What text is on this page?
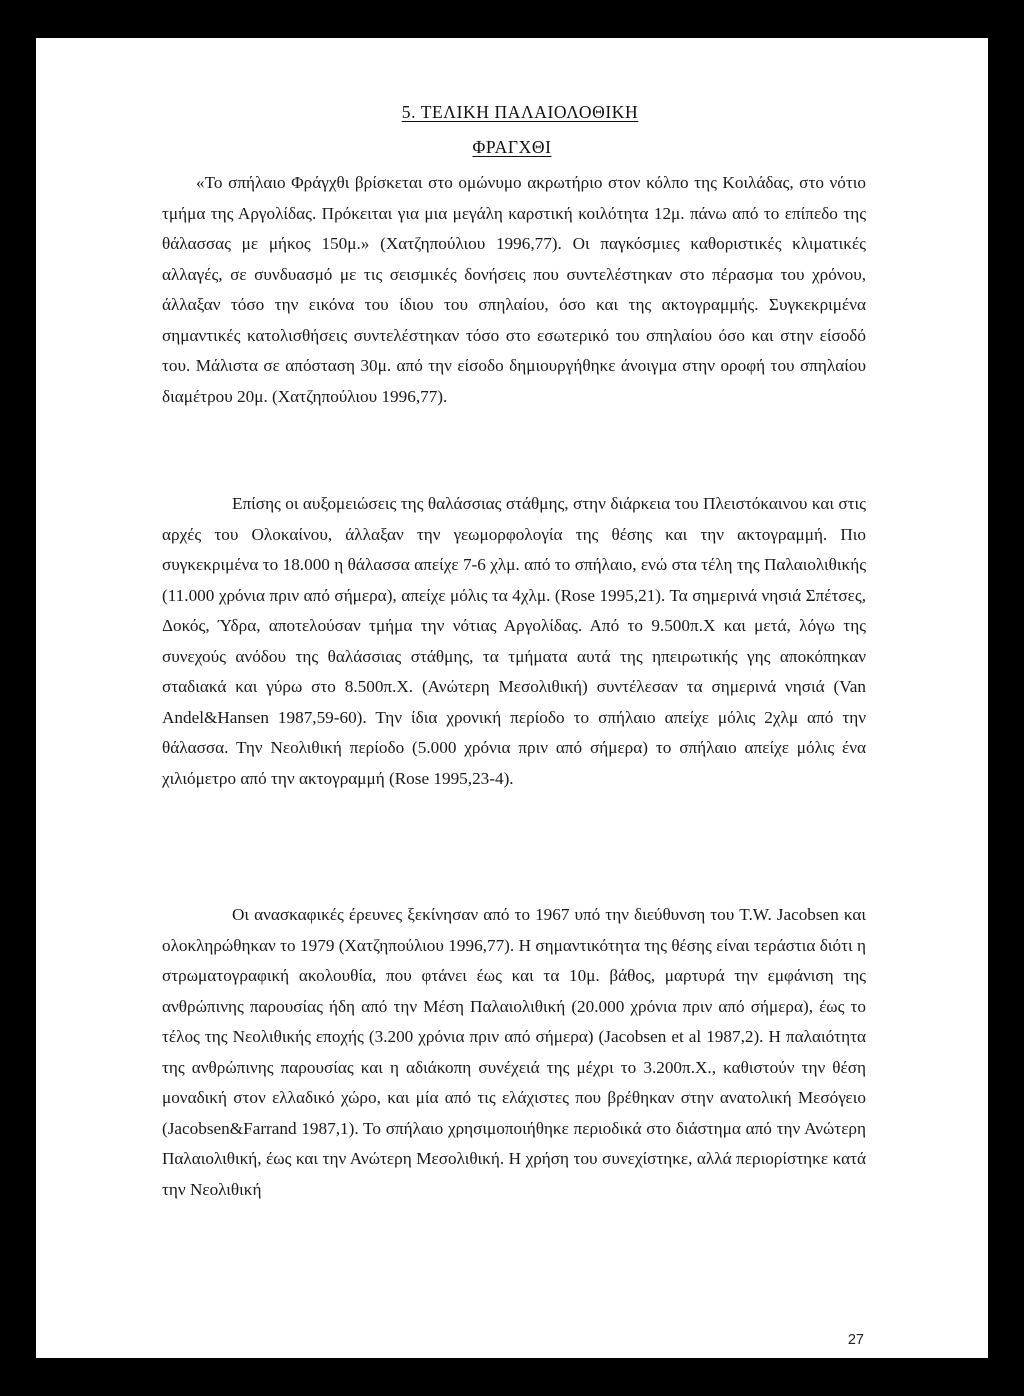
5. ΤΕΛΙΚΗ ΠΑΛΑΙΟΛΟΘΙΚΗ
ΦΡΑΓΧΘΙ

«Το σπήλαιο Φράγχθι βρίσκεται στο ομώνυμο ακρωτήριο στον κόλπο της Κοιλάδας, στο νότιο τμήμα της Αργολίδας. Πρόκειται για μια μεγάλη καρστική κοιλότητα 12μ. πάνω από το επίπεδο της θάλασσας με μήκος 150μ.» (Χατζηπούλιου 1996,77). Οι παγκόσμιες καθοριστικές κλιματικές αλλαγές, σε συνδυασμό με τις σεισμικές δονήσεις που συντελέστηκαν στο πέρασμα του χρόνου, άλλαξαν τόσο την εικόνα του ίδιου του σπηλαίου, όσο και της ακτογραμμής. Συγκεκριμένα σημαντικές κατολισθήσεις συντελέστηκαν τόσο στο εσωτερικό του σπηλαίου όσο και στην είσοδό του. Μάλιστα σε απόσταση 30μ. από την είσοδο δημιουργήθηκε άνοιγμα στην οροφή του σπηλαίου διαμέτρου 20μ. (Χατζηπούλιου 1996,77).

Επίσης οι αυξομειώσεις της θαλάσσιας στάθμης, στην διάρκεια του Πλειστόκαινου και στις αρχές του Ολοκαίνου, άλλαξαν την γεωμορφολογία της θέσης και την ακτογραμμή. Πιο συγκεκριμένα το 18.000 η θάλασσα απείχε 7-6 χλμ. από το σπήλαιο, ενώ στα τέλη της Παλαιολιθικής (11.000 χρόνια πριν από σήμερα), απείχε μόλις τα 4χλμ. (Rose 1995,21). Τα σημερινά νησιά Σπέτσες, Δοκός, Ύδρα, αποτελούσαν τμήμα την νότιας Αργολίδας. Από το 9.500π.Χ και μετά, λόγω της συνεχούς ανόδου της θαλάσσιας στάθμης, τα τμήματα αυτά της ηπειρωτικής γης αποκόπηκαν σταδιακά και γύρω στο 8.500π.Χ. (Ανώτερη Μεσολιθική) συντέλεσαν τα σημερινά νησιά (Van Andel&Hansen 1987,59-60). Την ίδια χρονική περίοδο το σπήλαιο απείχε μόλις 2χλμ από την θάλασσα. Την Νεολιθική περίοδο (5.000 χρόνια πριν από σήμερα) το σπήλαιο απείχε μόλις ένα χιλιόμετρο από την ακτογραμμή (Rose 1995,23-4).

Οι ανασκαφικές έρευνες ξεκίνησαν από το 1967 υπό την διεύθυνση του T.W. Jacobsen και ολοκληρώθηκαν το 1979 (Χατζηπούλιου 1996,77). Η σημαντικότητα της θέσης είναι τεράστια διότι η στρωματογραφική ακολουθία, που φτάνει έως και τα 10μ. βάθος, μαρτυρά την εμφάνιση της ανθρώπινης παρουσίας ήδη από την Μέση Παλαιολιθική (20.000 χρόνια πριν από σήμερα), έως το τέλος της Νεολιθικής εποχής (3.200 χρόνια πριν από σήμερα) (Jacobsen et al 1987,2). Η παλαιότητα της ανθρώπινης παρουσίας και η αδιάκοπη συνέχειά της μέχρι το 3.200π.Χ., καθιστούν την θέση μοναδική στον ελλαδικό χώρο, και μία από τις ελάχιστες που βρέθηκαν στην ανατολική Μεσόγειο (Jacobsen&Farrand 1987,1). Το σπήλαιο χρησιμοποιήθηκε περιοδικά στο διάστημα από την Ανώτερη Παλαιολιθική, έως και την Ανώτερη Μεσολιθική. Η χρήση του συνεχίστηκε, αλλά περιορίστηκε κατά την Νεολιθική

27
